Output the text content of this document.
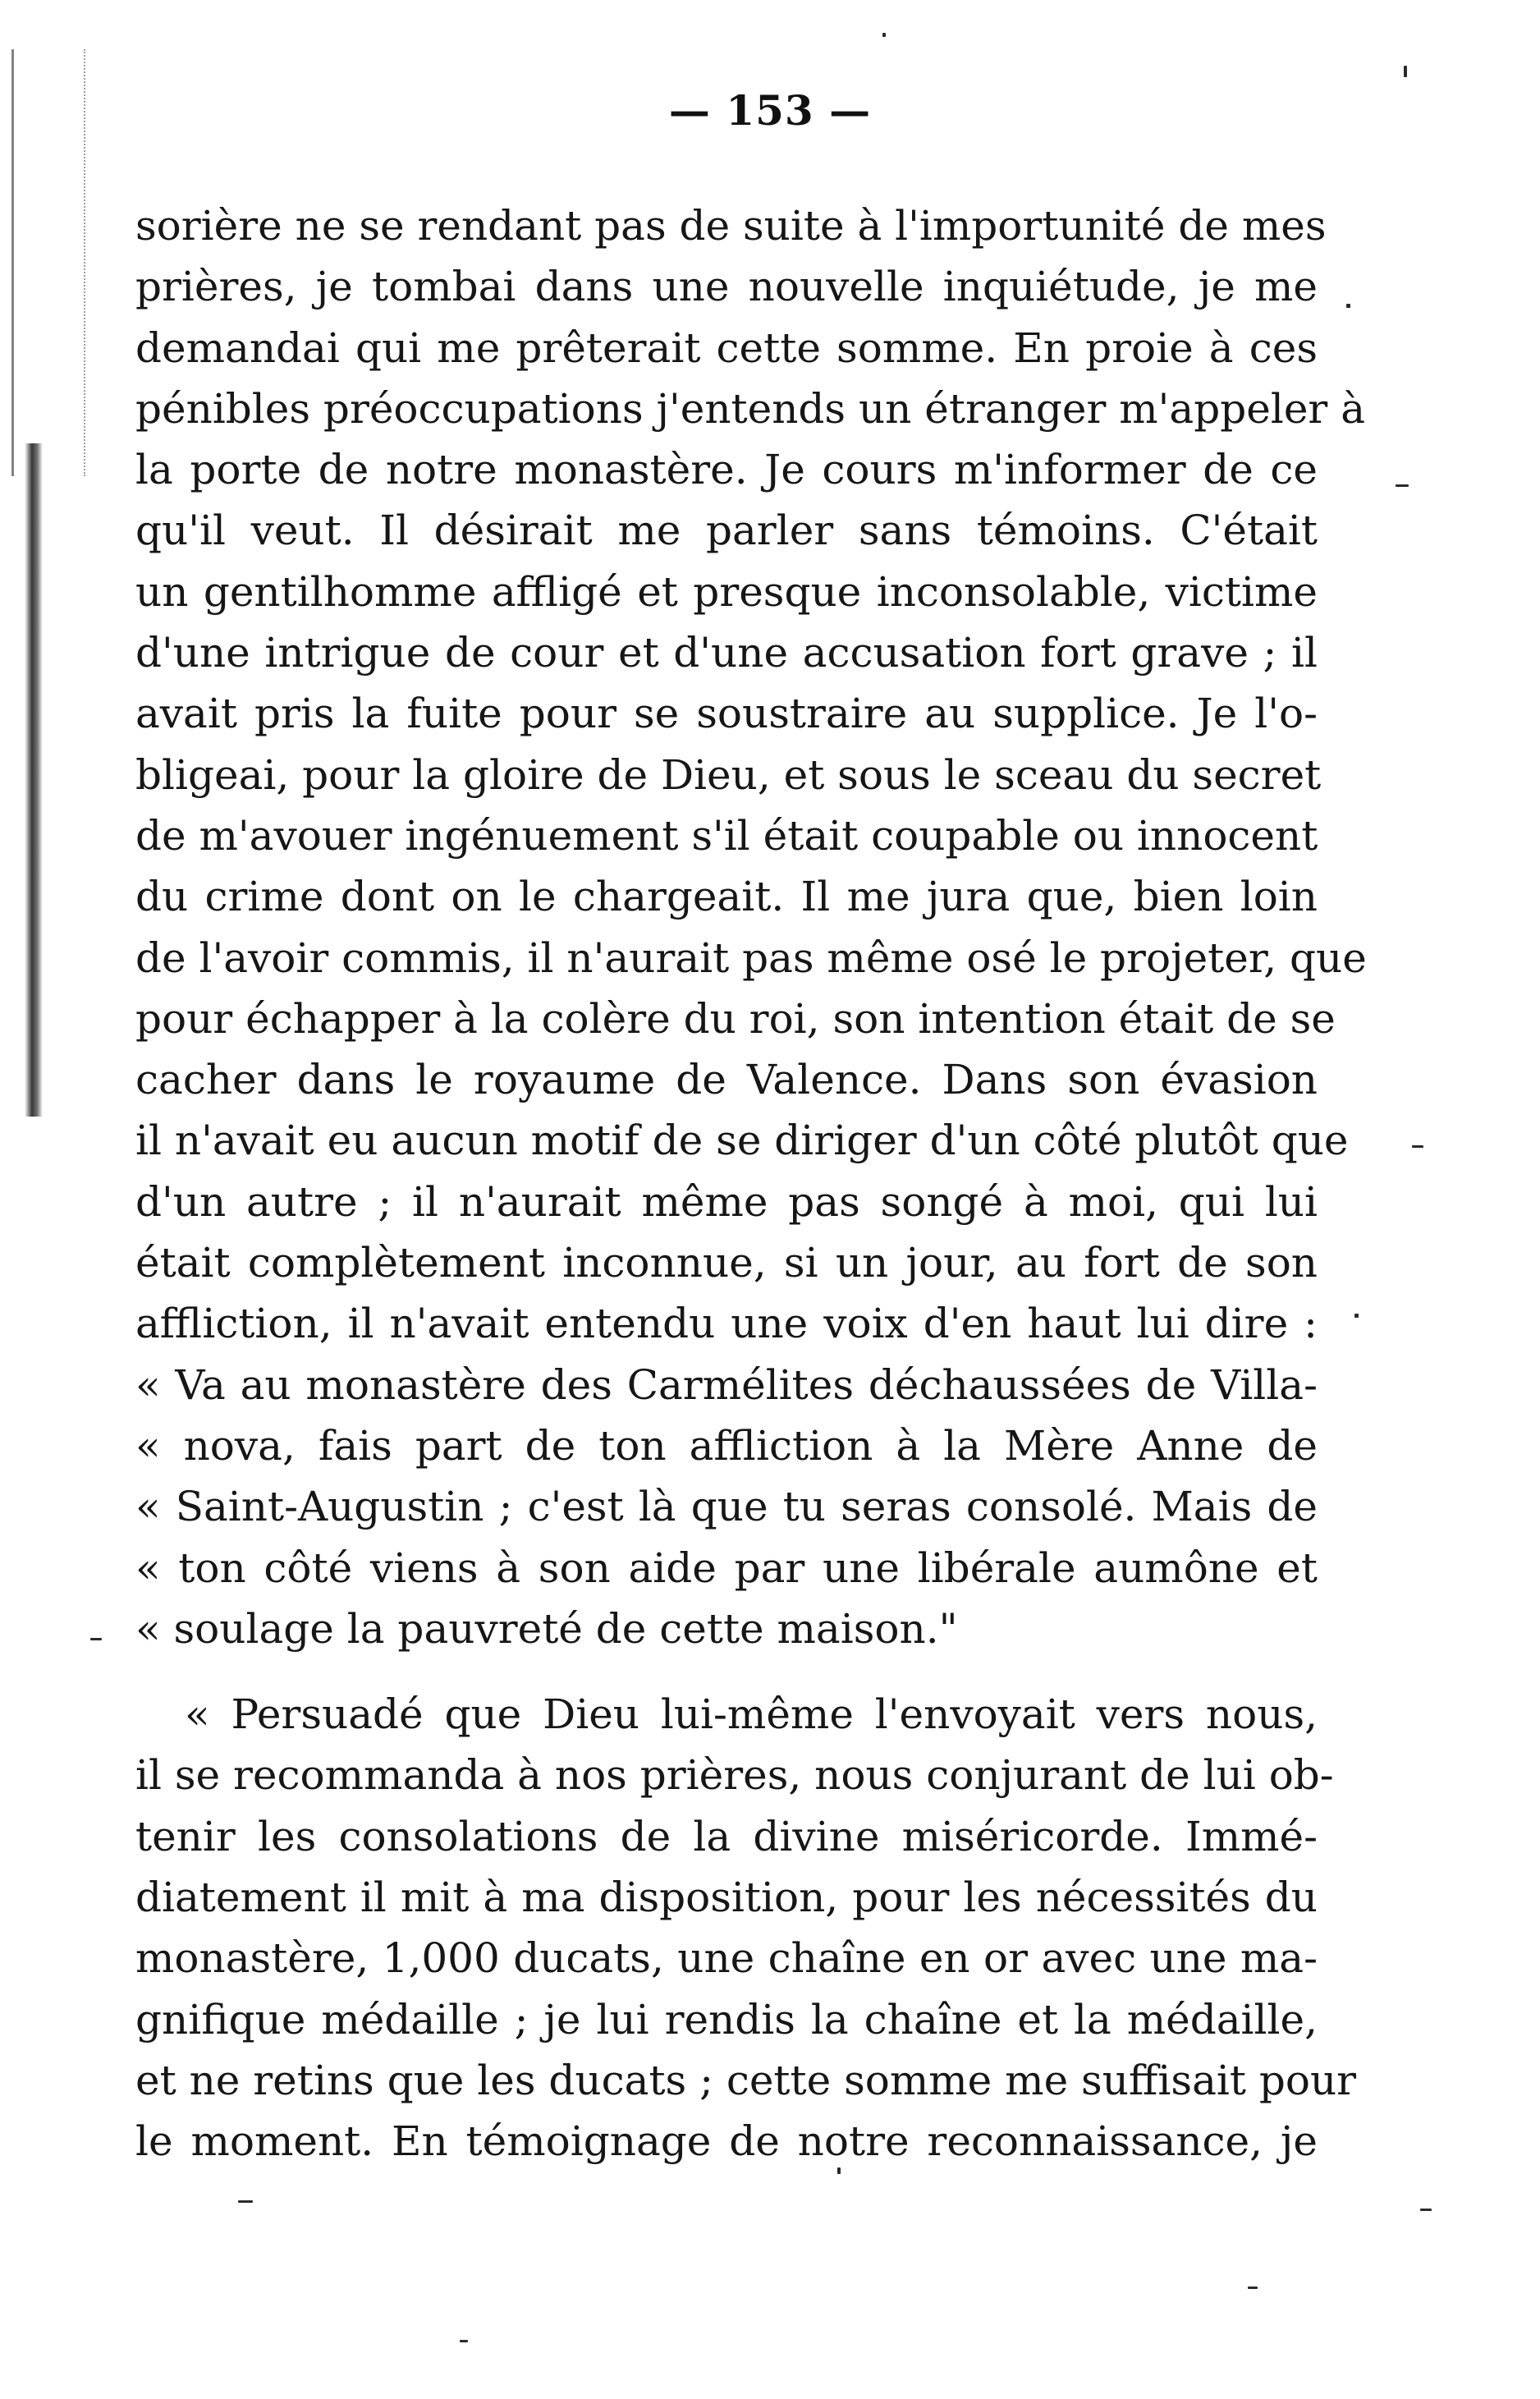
— 153 —
sorière ne se rendant pas de suite à l'importunité de mes
prières, je tombai dans une nouvelle inquiétude, je me
demandai qui me prêterait cette somme. En proie à ces
pénibles préoccupations j'entends un étranger m'appeler à
la porte de notre monastère. Je cours m'informer de ce
qu'il veut. Il désirait me parler sans témoins. C'était
un gentilhomme affligé et presque inconsolable, victime
d'une intrigue de cour et d'une accusation fort grave ; il
avait pris la fuite pour se soustraire au supplice. Je l'o-
bligeai, pour la gloire de Dieu, et sous le sceau du secret
de m'avouer ingénuement s'il était coupable ou innocent
du crime dont on le chargeait. Il me jura que, bien loin
de l'avoir commis, il n'aurait pas même osé le projeter, que
pour échapper à la colère du roi, son intention était de se
cacher dans le royaume de Valence. Dans son évasion
il n'avait eu aucun motif de se diriger d'un côté plutôt que
d'un autre ; il n'aurait même pas songé à moi, qui lui
était complètement inconnue, si un jour, au fort de son
affliction, il n'avait entendu une voix d'en haut lui dire :
« Va au monastère des Carmélites déchaussées de Villa-
« nova, fais part de ton affliction à la Mère Anne de
« Saint-Augustin ; c'est là que tu seras consolé. Mais de
« ton côté viens à son aide par une libérale aumône et
« soulage la pauvreté de cette maison."
« Persuadé que Dieu lui-même l'envoyait vers nous,
il se recommanda à nos prières, nous conjurant de lui ob-
tenir les consolations de la divine miséricorde. Immé-
diatement il mit à ma disposition, pour les nécessités du
monastère, 1,000 ducats, une chaîne en or avec une ma-
gnifique médaille ; je lui rendis la chaîne et la médaille,
et ne retins que les ducats ; cette somme me suffisait pour
le moment. En témoignage de notre reconnaissance, je
